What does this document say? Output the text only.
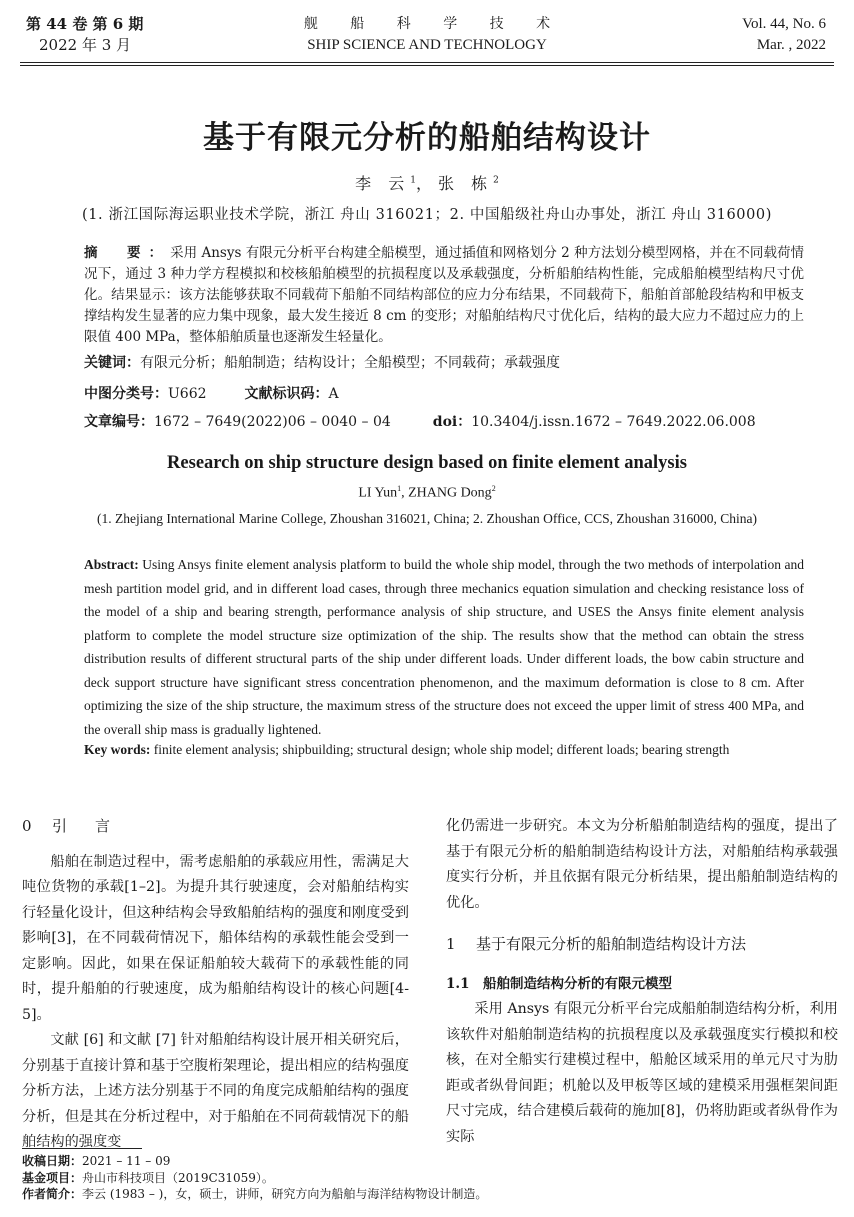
第 44 卷 第 6 期
2022 年 3 月
舰 船 科 学 技 术
SHIP SCIENCE AND TECHNOLOGY
Vol. 44, No. 6
Mar. , 2022
基于有限元分析的船舶结构设计
李 云$^1$，张 栋$^2$
(1. 浙江国际海运职业技术学院，浙江 舟山 316021；2. 中国船级社舟山办事处，浙江 舟山 316000)
摘　要：采用 Ansys 有限元分析平台构建全船模型，通过插值和网格划分 2 种方法划分模型网格，并在不同载荷情况下，通过 3 种力学方程模拟和校核船舶模型的抗损程度以及承载强度，分析船舶结构性能，完成船舶模型结构尺寸优化。结果显示：该方法能够获取不同载荷下船舶不同结构部位的应力分布结果，不同载荷下，船舶首部舱段结构和甲板支撑结构发生显著的应力集中现象，最大发生接近 8 cm 的变形；对船舶结构尺寸优化后，结构的最大应力不超过应力的上限值 400 MPa，整体船舶质量也逐渐发生轻量化。
关键词：有限元分析；船舶制造；结构设计；全船模型；不同载荷；承载强度
中图分类号：U662	文献标识码：A
文章编号：1672 – 7649(2022)06 – 0040 – 04	doi：10.3404/j.issn.1672 – 7649.2022.06.008
Research on ship structure design based on finite element analysis
LI Yun$^1$, ZHANG Dong$^2$
(1. Zhejiang International Marine College, Zhoushan 316021, China; 2. Zhoushan Office, CCS, Zhoushan 316000, China)
Abstract: Using Ansys finite element analysis platform to build the whole ship model, through the two methods of interpolation and mesh partition model grid, and in different load cases, through three mechanics equation simulation and checking resistance loss of the model of a ship and bearing strength, performance analysis of ship structure, and USES the Ansys finite element analysis platform to complete the model structure size optimization of the ship. The results show that the method can obtain the stress distribution results of different structural parts of the ship under different loads. Under different loads, the bow cabin structure and deck support structure have significant stress concentration phenomenon, and the maximum deformation is close to 8 cm. After optimizing the size of the ship structure, the maximum stress of the structure does not exceed the upper limit of stress 400 MPa, and the overall ship mass is gradually lightened.
Key words: finite element analysis; shipbuilding; structural design; whole ship model; different loads; bearing strength
0 引言

船舶在制造过程中，需考虑船舶的承载应用性，需满足大吨位货物的承载[1–2]。为提升其行驶速度，会对船舶结构实行轻量化设计，但这种结构会导致船舶结构的强度和刚度受到影响[3]，在不同载荷情况下，船体结构的承载性能会受到一定影响。因此，如果在保证船舶较大载荷下的承载性能的同时，提升船舶的行驶速度，成为船舶结构设计的核心问题[4-5]。

文献 [6] 和文献 [7] 针对船舶结构设计展开相关研究后，分别基于直接计算和基于空腹桁架理论，提出相应的结构强度分析方法，上述方法分别基于不同的角度完成船舶结构的强度分析，但是其在分析过程中，对于船舶在不同荷载情况下的船舶结构的强度变

化仍需进一步研究。本文为分析船舶制造结构的强度，提出了基于有限元分析的船舶制造结构设计方法，对船舶结构承载强度实行分析，并且依据有限元分析结果，提出船舶制造结构的优化。

1 基于有限元分析的船舶制造结构设计方法
1.1　船舶制造结构分析的有限元模型

采用 Ansys 有限元分析平台完成船舶制造结构分析，利用该软件对船舶制造结构的抗损程度以及承载强度实行模拟和校核，在对全船实行建模过程中，船舱区域采用的单元尺寸为肋距或者纵骨间距；机舱以及甲板等区域的建模采用强框架间距尺寸完成，结合建模后载荷的施加[8]，仍将肋距或者纵骨作为实际

收稿日期：2021 – 11 – 09
基金项目：舟山市科技项目（2019C31059）。
作者简介：李云 (1983 – )，女，硕士，讲师，研究方向为船舶与海洋结构物设计制造。
